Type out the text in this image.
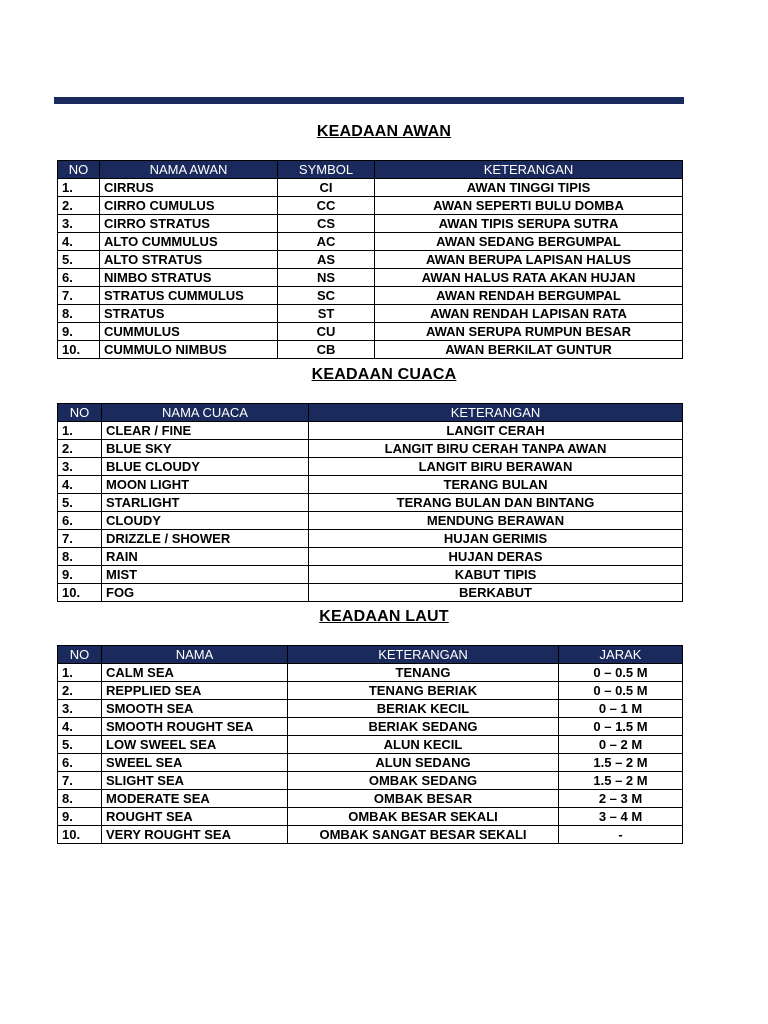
KEADAAN AWAN
NO	NAMA AWAN	SYMBOL	KETERANGAN
1.	CIRRUS	CI	AWAN TINGGI TIPIS
2.	CIRRO CUMULUS	CC	AWAN SEPERTI BULU DOMBA
3.	CIRRO STRATUS	CS	AWAN TIPIS SERUPA SUTRA
4.	ALTO CUMMULUS	AC	AWAN SEDANG BERGUMPAL
5.	ALTO STRATUS	AS	AWAN BERUPA LAPISAN HALUS
6.	NIMBO STRATUS	NS	AWAN HALUS RATA AKAN HUJAN
7.	STRATUS CUMMULUS	SC	AWAN RENDAH BERGUMPAL
8.	STRATUS	ST	AWAN RENDAH LAPISAN RATA
9.	CUMMULUS	CU	AWAN SERUPA RUMPUN BESAR
10.	CUMMULO NIMBUS	CB	AWAN BERKILAT GUNTUR
KEADAAN CUACA
NO	NAMA CUACA	KETERANGAN
1.	CLEAR / FINE	LANGIT CERAH
2.	BLUE SKY	LANGIT BIRU CERAH TANPA AWAN
3.	BLUE CLOUDY	LANGIT BIRU BERAWAN
4.	MOON LIGHT	TERANG BULAN
5.	STARLIGHT	TERANG BULAN DAN BINTANG
6.	CLOUDY	MENDUNG BERAWAN
7.	DRIZZLE / SHOWER	HUJAN GERIMIS
8.	RAIN	HUJAN DERAS
9.	MIST	KABUT TIPIS
10.	FOG	BERKABUT
KEADAAN LAUT
NO	NAMA	KETERANGAN	JARAK
1.	CALM SEA	TENANG	0 – 0.5 M
2.	REPPLIED SEA	TENANG BERIAK	0 – 0.5 M
3.	SMOOTH SEA	BERIAK KECIL	0 – 1 M
4.	SMOOTH ROUGHT SEA	BERIAK SEDANG	0 – 1.5 M
5.	LOW SWEEL SEA	ALUN KECIL	0 – 2 M
6.	SWEEL SEA	ALUN SEDANG	1.5 – 2 M
7.	SLIGHT SEA	OMBAK SEDANG	1.5 – 2 M
8.	MODERATE SEA	OMBAK BESAR	2 – 3 M
9.	ROUGHT SEA	OMBAK BESAR SEKALI	3 – 4 M
10.	VERY ROUGHT SEA	OMBAK SANGAT BESAR SEKALI	-
